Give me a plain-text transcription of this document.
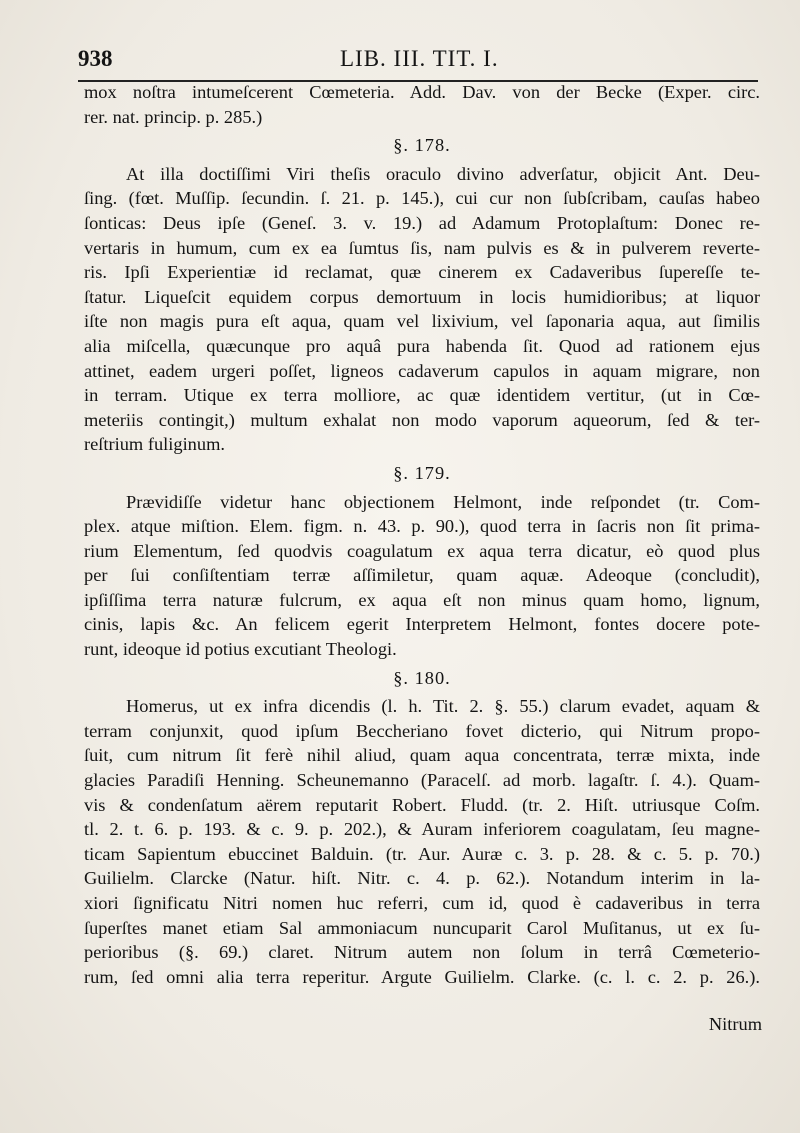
938	LIB. III. TIT. I.
mox noſtra intumeſcerent Cœmeteria. Add. Dav. von der Becke (Exper. circ.
rer. nat. princip. p. 285.)
§. 178.
At illa doctiſſimi Viri theſis oraculo divino adverſatur, objicit Ant. Deu-
ſing. (fœt. Muſſip. ſecundin. ſ. 21. p. 145.), cui cur non ſubſcribam, cauſas habeo
ſonticas: Deus ipſe (Geneſ. 3. v. 19.) ad Adamum Protoplaſtum: Donec re-
vertaris in humum, cum ex ea ſumtus ſis, nam pulvis es & in pulverem reverte-
ris. Ipſi Experientiæ id reclamat, quæ cinerem ex Cadaveribus ſupereſſe te-
ſtatur. Liqueſcit equidem corpus demortuum in locis humidioribus; at liquor
iſte non magis pura eſt aqua, quam vel lixivium, vel ſaponaria aqua, aut ſimilis
alia miſcella, quæcunque pro aquâ pura habenda ſit. Quod ad rationem ejus
attinet, eadem urgeri poſſet, ligneos cadaverum capulos in aquam migrare, non
in terram. Utique ex terra molliore, ac quæ identidem vertitur, (ut in Cœ-
meteriis contingit,) multum exhalat non modo vaporum aqueorum, ſed & ter-
reſtrium fuliginum.
§. 179.
Prævidiſſe videtur hanc objectionem Helmont, inde reſpondet (tr. Com-
plex. atque miſtion. Elem. figm. n. 43. p. 90.), quod terra in ſacris non ſit prima-
rium Elementum, ſed quodvis coagulatum ex aqua terra dicatur, eò quod plus
per ſui conſiſtentiam terræ aſſimiletur, quam aquæ. Adeoque (concludit),
ipſiſſima terra naturæ fulcrum, ex aqua eſt non minus quam homo, lignum,
cinis, lapis &c. An felicem egerit Interpretem Helmont, fontes docere pote-
runt, ideoque id potius excutiant Theologi.
§. 180.
Homerus, ut ex infra dicendis (l. h. Tit. 2. §. 55.) clarum evadet, aquam &
terram conjunxit, quod ipſum Beccheriano fovet dicterio, qui Nitrum propo-
ſuit, cum nitrum ſit ferè nihil aliud, quam aqua concentrata, terræ mixta, inde
glacies Paradiſi Henning. Scheunemanno (Paracelſ. ad morb. lagaſtr. ſ. 4.). Quam-
vis & condenſatum aërem reputarit Robert. Fludd. (tr. 2. Hiſt. utriusque Coſm.
tl. 2. t. 6. p. 193. & c. 9. p. 202.), & Auram inferiorem coagulatam, ſeu magne-
ticam Sapientum ebuccinet Balduin. (tr. Aur. Auræ c. 3. p. 28. & c. 5. p. 70.)
Guilielm. Clarcke (Natur. hiſt. Nitr. c. 4. p. 62.). Notandum interim in la-
xiori ſignificatu Nitri nomen huc referri, cum id, quod è cadaveribus in terra
ſuperſtes manet etiam Sal ammoniacum nuncuparit Carol Muſitanus, ut ex ſu-
perioribus (§. 69.) claret. Nitrum autem non ſolum in terrâ Cœmeterio-
rum, ſed omni alia terra reperitur. Argute Guilielm. Clarke. (c. l. c. 2. p. 26.).
Nitrum
